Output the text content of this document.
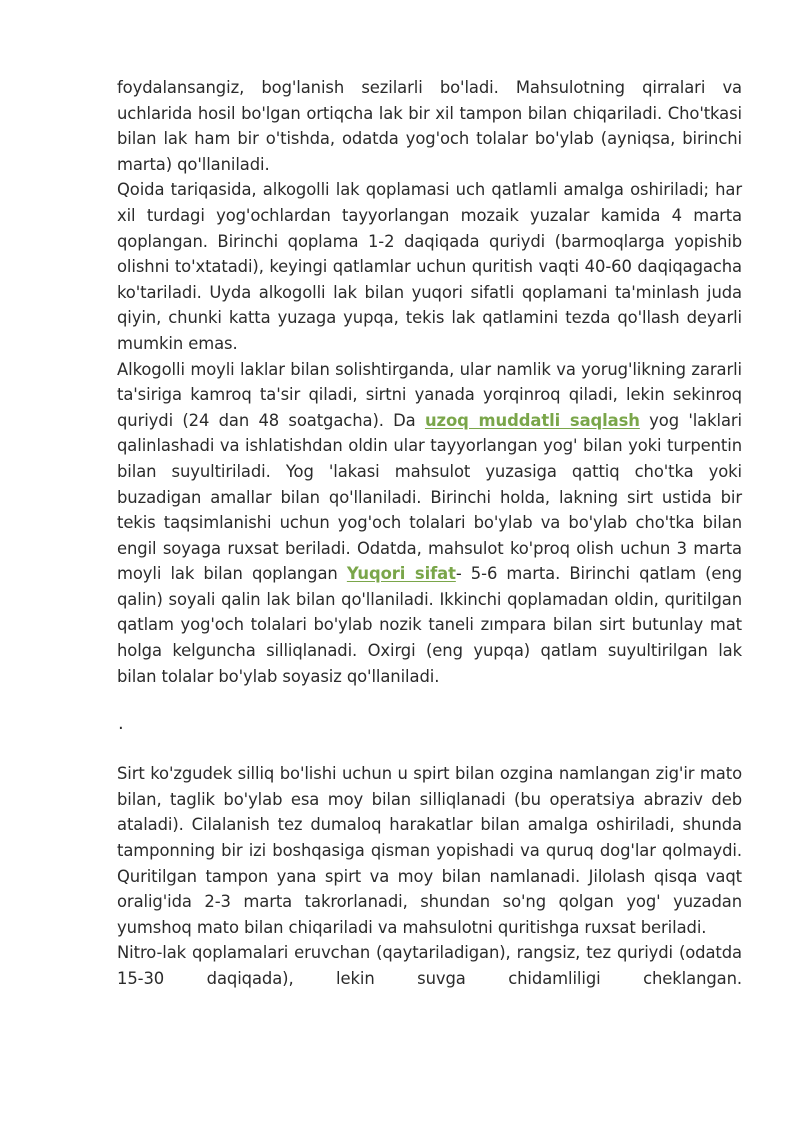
foydalansangiz, bog'lanish sezilarli bo'ladi. Mahsulotning qirralari va uchlarida hosil bo'lgan ortiqcha lak bir xil tampon bilan chiqariladi. Cho'tkasi bilan lak ham bir o'tishda, odatda yog'och tolalar bo'ylab (ayniqsa, birinchi marta) qo'llaniladi.

Qoida tariqasida, alkogolli lak qoplamasi uch qatlamli amalga oshiriladi; har xil turdagi yog'ochlardan tayyorlangan mozaik yuzalar kamida 4 marta qoplangan. Birinchi qoplama 1-2 daqiqada quriydi (barmoqlarga yopishib olishni to'xtatadi), keyingi qatlamlar uchun quritish vaqti 40-60 daqiqagacha ko'tariladi. Uyda alkogolli lak bilan yuqori sifatli qoplamani ta'minlash juda qiyin, chunki katta yuzaga yupqa, tekis lak qatlamini tezda qo'llash deyarli mumkin emas.

Alkogolli moyli laklar bilan solishtirganda, ular namlik va yorug'likning zararli ta'siriga kamroq ta'sir qiladi, sirtni yanada yorqinroq qiladi, lekin sekinroq quriydi (24 dan 48 soatgacha). Da uzoq muddatli saqlash yog 'laklari qalinlashadi va ishlatishdan oldin ular tayyorlangan yog' bilan yoki turpentin bilan suyultiriladi. Yog 'lakasi mahsulot yuzasiga qattiq cho'tka yoki buzadigan amallar bilan qo'llaniladi. Birinchi holda, lakning sirt ustida bir tekis taqsimlanishi uchun yog'och tolalari bo'ylab va bo'ylab cho'tka bilan engil soyaga ruxsat beriladi. Odatda, mahsulot ko'proq olish uchun 3 marta moyli lak bilan qoplangan Yuqori sifat- 5-6 marta. Birinchi qatlam (eng qalin) soyali qalin lak bilan qo'llaniladi. Ikkinchi qoplamadan oldin, quritilgan qatlam yog'och tolalari bo'ylab nozik taneli zımpara bilan sirt butunlay mat holga kelguncha silliqlanadi. Oxirgi (eng yupqa) qatlam suyultirilgan lak bilan tolalar bo'ylab soyasiz qo'llaniladi.

.

Sirt ko'zgudek silliq bo'lishi uchun u spirt bilan ozgina namlangan zig'ir mato bilan, taglik bo'ylab esa moy bilan silliqlanadi (bu operatsiya abraziv deb ataladi). Cilalanish tez dumaloq harakatlar bilan amalga oshiriladi, shunda tamponning bir izi boshqasiga qisman yopishadi va quruq dog'lar qolmaydi. Quritilgan tampon yana spirt va moy bilan namlanadi. Jilolash qisqa vaqt oralig'ida 2-3 marta takrorlanadi, shundan so'ng qolgan yog' yuzadan yumshoq mato bilan chiqariladi va mahsulotni quritishga ruxsat beriladi.

Nitro-lak qoplamalari eruvchan (qaytariladigan), rangsiz, tez quriydi (odatda 15-30 daqiqada), lekin suvga chidamliligi cheklangan.
